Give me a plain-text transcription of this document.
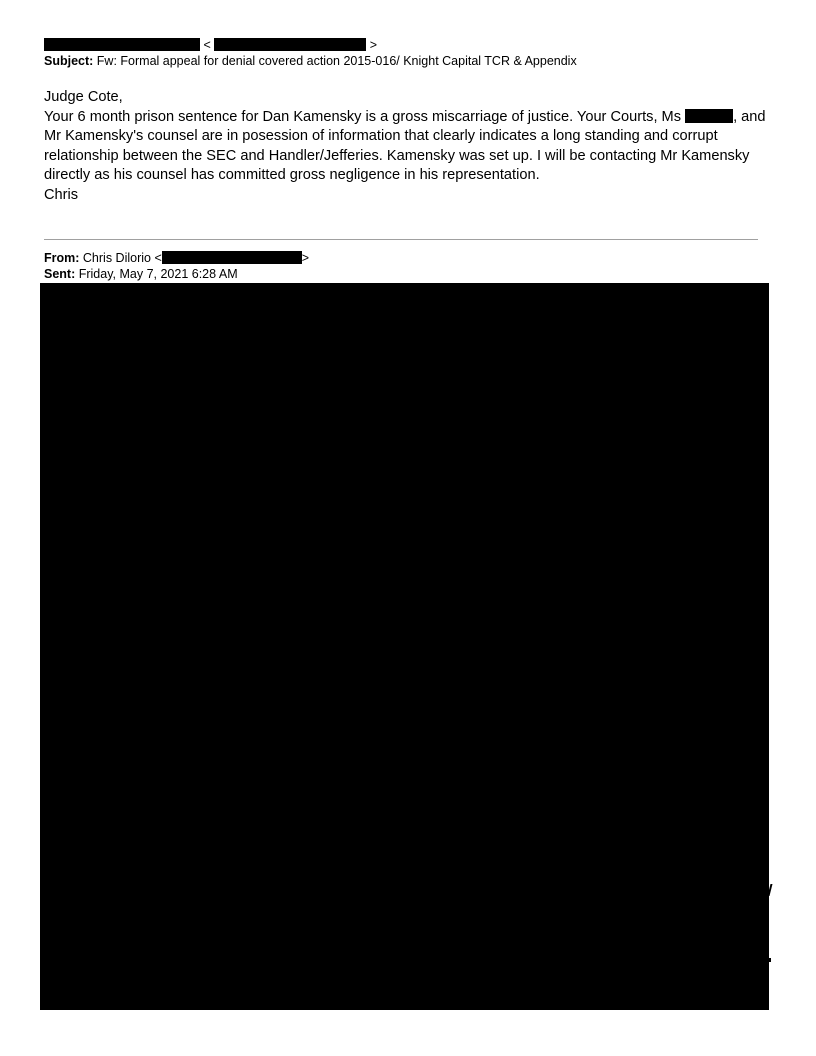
<	>
Subject: Fw: Formal appeal for denial covered action 2015-016/ Knight Capital TCR & Appendix
Judge Cote,
Your 6 month prison sentence for Dan Kamensky is a gross miscarriage of justice. Your Courts, Ms	, and
Mr Kamensky's counsel are in posession of information that clearly indicates a long standing and corrupt
relationship between the SEC and Handler/Jefferies. Kamensky was set up. I will be contacting Mr Kamensky
directly as his counsel has committed gross negligence in his representation.
Chris
From: Chris Dilorio <	>
Sent: Friday, May 7, 2021 6:28 AM
